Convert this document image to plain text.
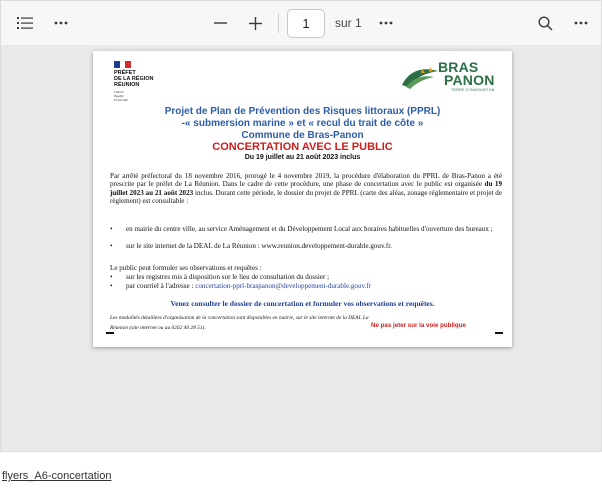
1
sur 1
PRÉFET
DE LA RÉGION
RÉUNION
Liberté
Égalité
Fraternité
BRAS
PANON
TERRE D'INNOVATION
Projet de Plan de Prévention des Risques littoraux (PPRL)
-« submersion marine » et « recul du trait de côte »
Commune de Bras-Panon
CONCERTATION AVEC LE PUBLIC
Du 19 juillet au 21 août 2023 inclus
Par arrêté préfectoral du 18 novembre 2016, prorogé le 4 novembre 2019, la procédure d'élaboration du PPRL de Bras-Panon a été prescrite par le préfet de La Réunion. Dans le cadre de cette procédure, une phase de concertation avec le public est organisée du 19 juillet 2023 au 21 août 2023 inclus. Durant cette période, le dossier du projet de PPRL (carte des aléas, zonage réglementaire et projet de règlement) est consultable :
• en mairie du centre ville, au service Aménagement et du Développement Local aux horaires habituelles d'ouverture des bureaux ;
• sur le site internet de la DEAL de La Réunion : www.reunion.developpement-durable.gouv.fr.
Le public peut formuler ses observations et requêtes :
• sur les registres mis à disposition sur le lieu de consultation du dossier ;
• par courriel à l'adresse : concertation-pprl-braspanon@developpement-durable.gouv.fr
Venez consulter le dossier de concertation et formuler vos observations et requêtes.
Les modalités détaillées d'organisation de la concertation sont disponibles en mairie, sur le site internet de la DEAL La
Réunion (site internet ou au 0262 40 28 51).	Ne pas jeter sur la voie publique
flyers_A6-concertation
